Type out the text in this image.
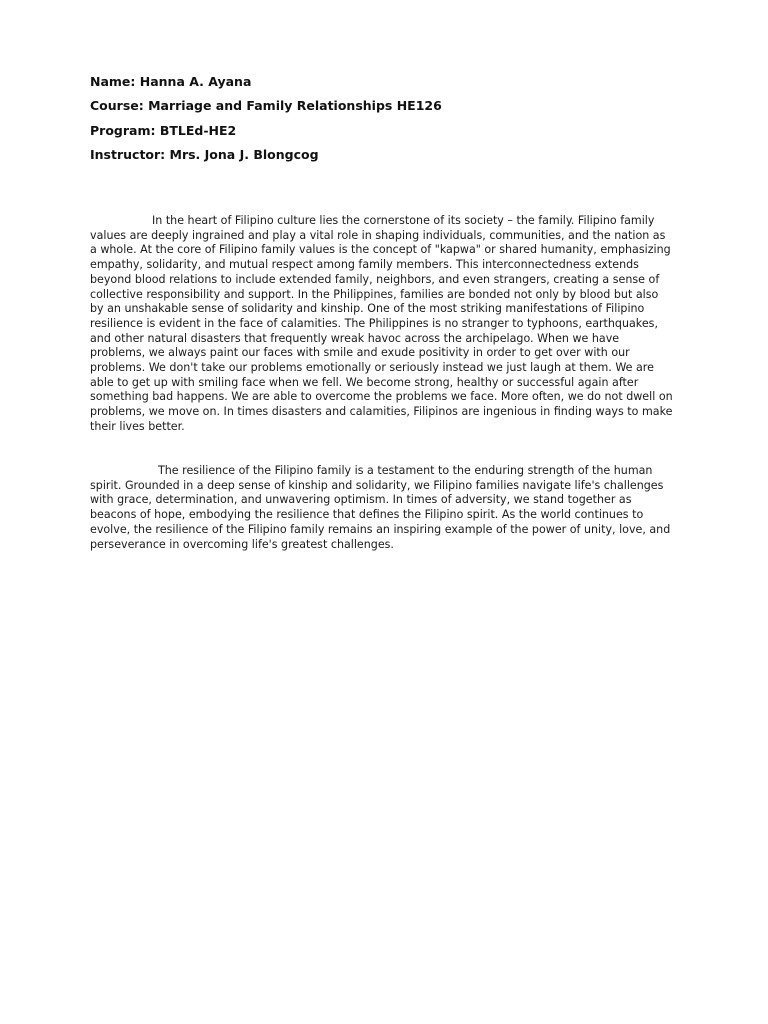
Name: Hanna A. Ayana
Course: Marriage and Family Relationships HE126
Program: BTLEd-HE2
Instructor: Mrs. Jona J. Blongcog

In the heart of Filipino culture lies the cornerstone of its society – the family. Filipino family values are deeply ingrained and play a vital role in shaping individuals, communities, and the nation as a whole. At the core of Filipino family values is the concept of "kapwa" or shared humanity, emphasizing empathy, solidarity, and mutual respect among family members. This interconnectedness extends beyond blood relations to include extended family, neighbors, and even strangers, creating a sense of collective responsibility and support. In the Philippines, families are bonded not only by blood but also by an unshakable sense of solidarity and kinship. One of the most striking manifestations of Filipino resilience is evident in the face of calamities. The Philippines is no stranger to typhoons, earthquakes, and other natural disasters that frequently wreak havoc across the archipelago. When we have problems, we always paint our faces with smile and exude positivity in order to get over with our problems. We don't take our problems emotionally or seriously instead we just laugh at them. We are able to get up with smiling face when we fell. We become strong, healthy or successful again after something bad happens. We are able to overcome the problems we face. More often, we do not dwell on problems, we move on. In times disasters and calamities, Filipinos are ingenious in finding ways to make their lives better.

The resilience of the Filipino family is a testament to the enduring strength of the human spirit. Grounded in a deep sense of kinship and solidarity, we Filipino families navigate life's challenges with grace, determination, and unwavering optimism. In times of adversity, we stand together as beacons of hope, embodying the resilience that defines the Filipino spirit. As the world continues to evolve, the resilience of the Filipino family remains an inspiring example of the power of unity, love, and perseverance in overcoming life's greatest challenges.
